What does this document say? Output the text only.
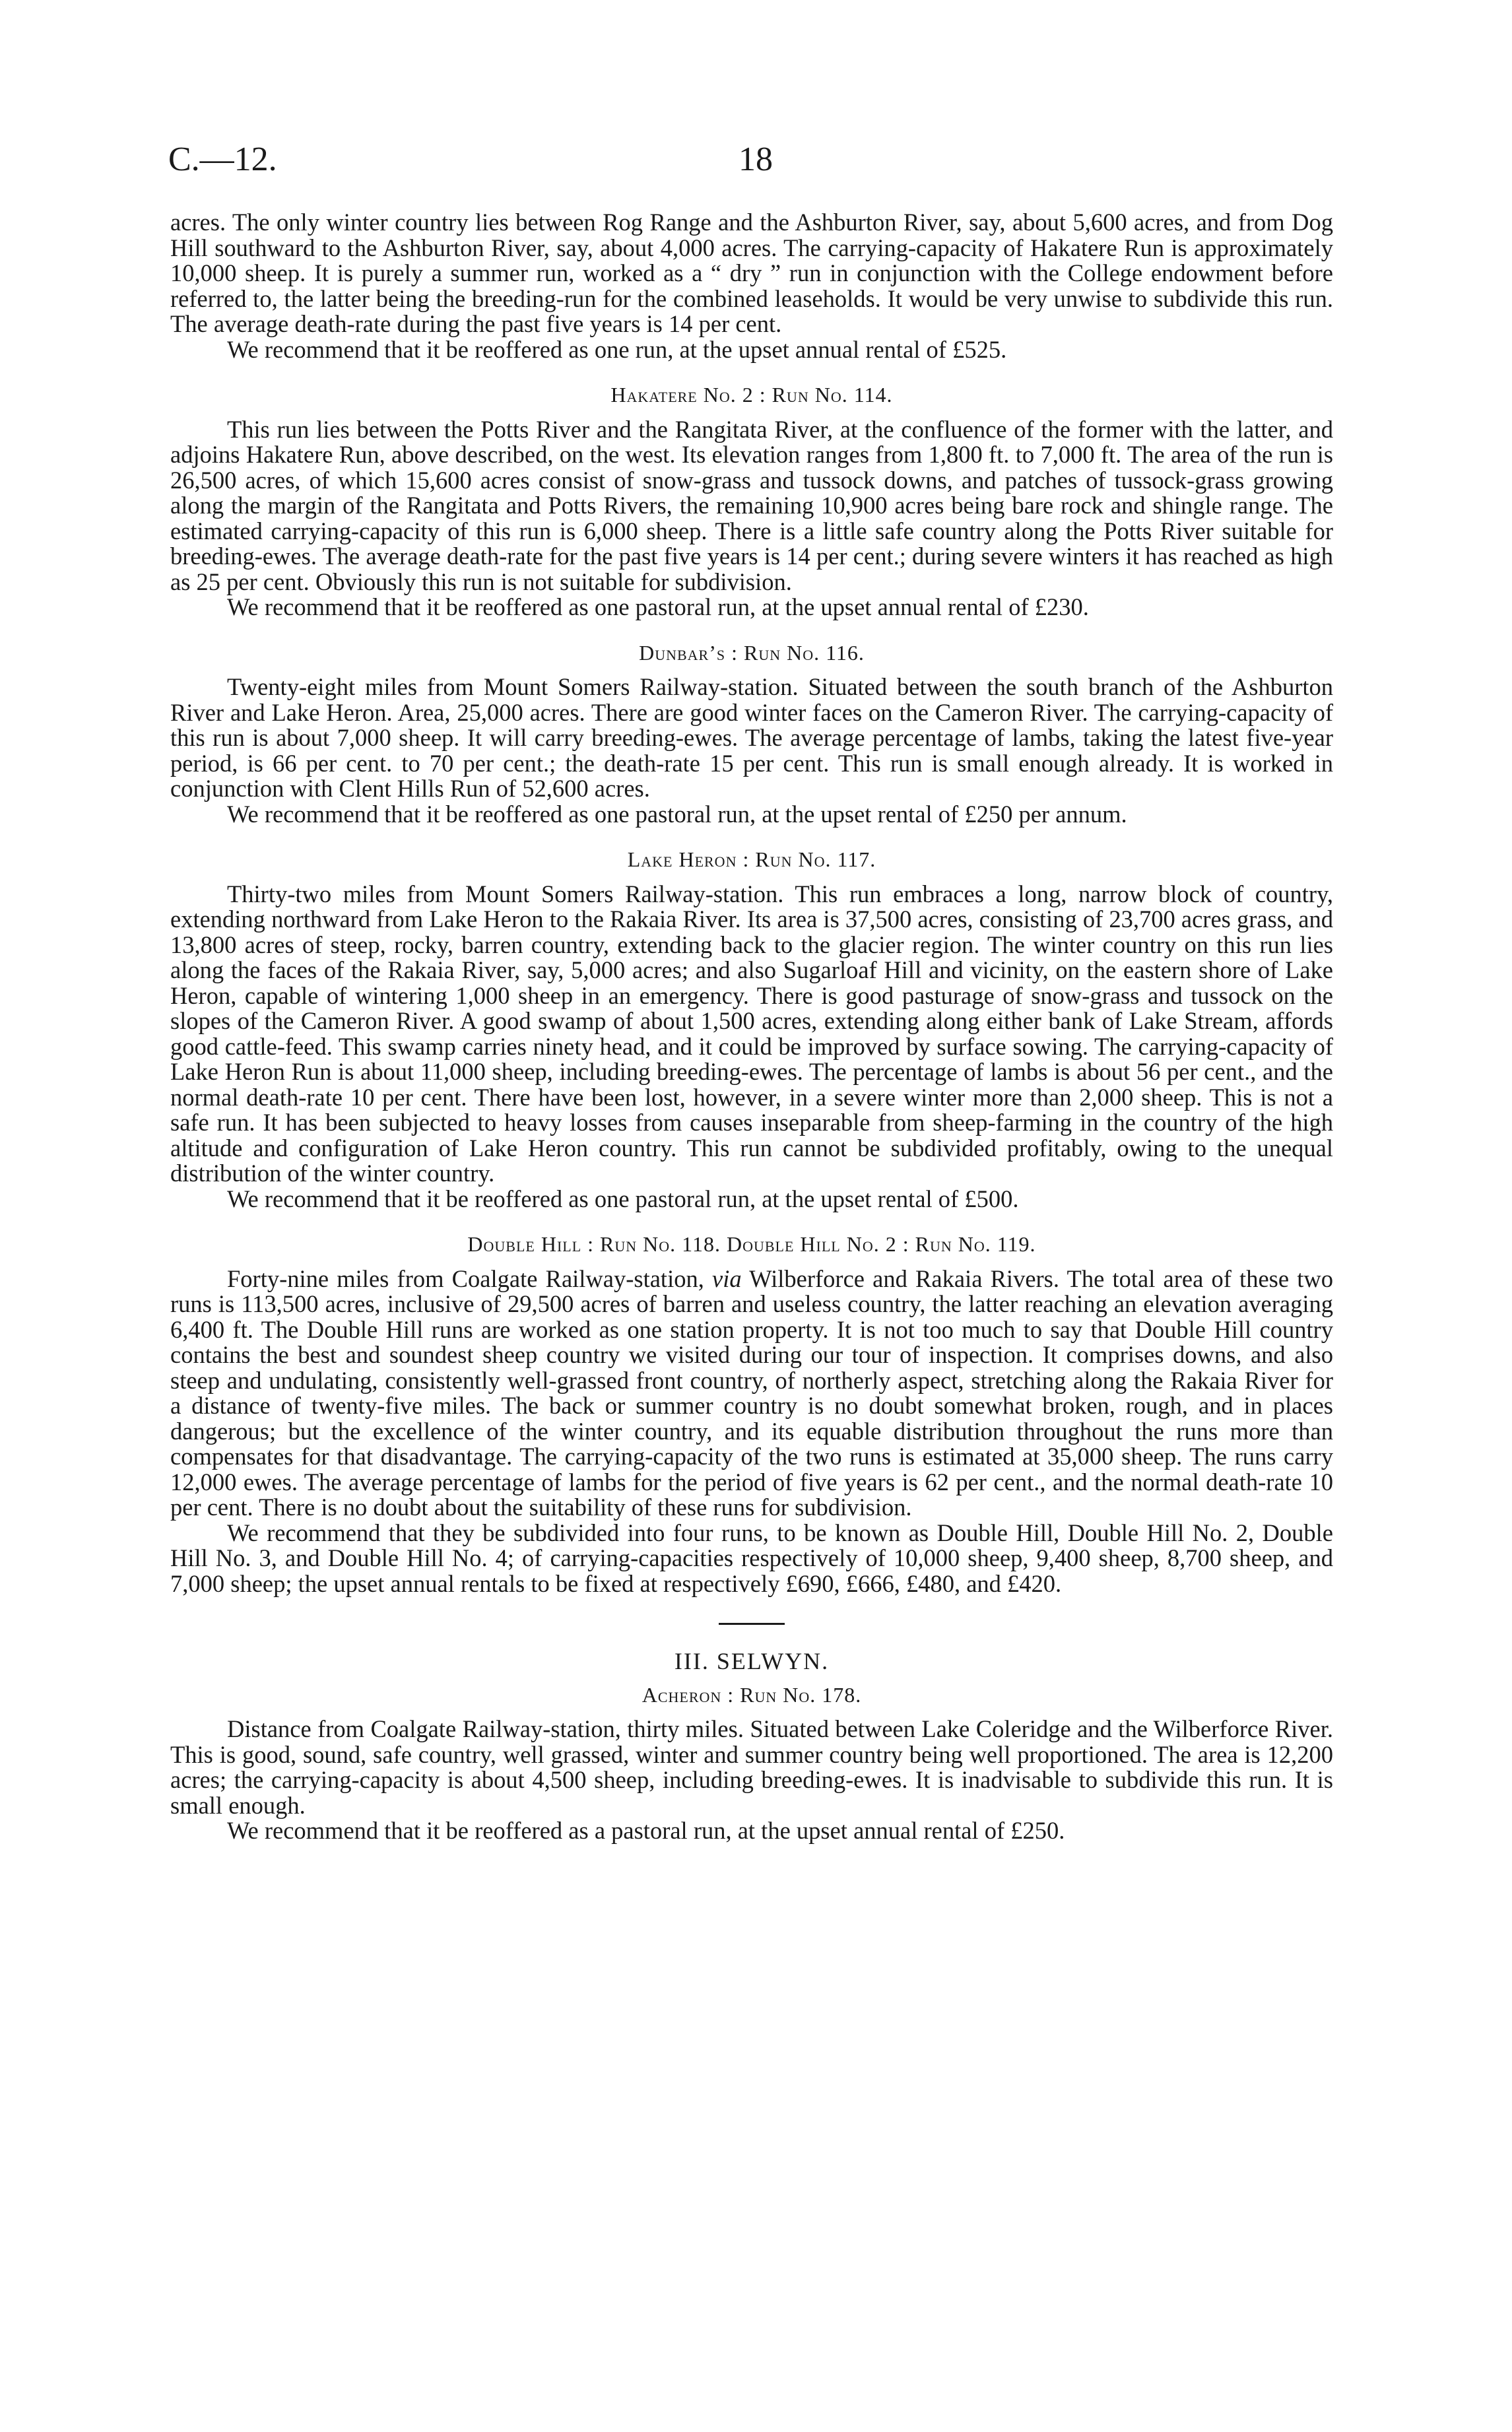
C.—12.	18

acres. The only winter country lies between Rog Range and the Ashburton River, say, about 5,600 acres, and from Dog Hill southward to the Ashburton River, say, about 4,000 acres. The carrying-capacity of Hakatere Run is approximately 10,000 sheep. It is purely a summer run, worked as a “ dry ” run in conjunction with the College endowment before referred to, the latter being the breeding-run for the combined leaseholds. It would be very unwise to subdivide this run. The average death-rate during the past five years is 14 per cent.

We recommend that it be reoffered as one run, at the upset annual rental of £525.

Hakatere No. 2 : Run No. 114.

This run lies between the Potts River and the Rangitata River, at the confluence of the former with the latter, and adjoins Hakatere Run, above described, on the west. Its elevation ranges from 1,800 ft. to 7,000 ft. The area of the run is 26,500 acres, of which 15,600 acres consist of snow-grass and tussock downs, and patches of tussock-grass growing along the margin of the Rangitata and Potts Rivers, the remaining 10,900 acres being bare rock and shingle range. The estimated carrying-capacity of this run is 6,000 sheep. There is a little safe country along the Potts River suitable for breeding-ewes. The average death-rate for the past five years is 14 per cent.; during severe winters it has reached as high as 25 per cent. Obviously this run is not suitable for subdivision.

We recommend that it be reoffered as one pastoral run, at the upset annual rental of £230.

Dunbar’s : Run No. 116.

Twenty-eight miles from Mount Somers Railway-station. Situated between the south branch of the Ashburton River and Lake Heron. Area, 25,000 acres. There are good winter faces on the Cameron River. The carrying-capacity of this run is about 7,000 sheep. It will carry breeding-ewes. The average percentage of lambs, taking the latest five-year period, is 66 per cent. to 70 per cent.; the death-rate 15 per cent. This run is small enough already. It is worked in conjunction with Clent Hills Run of 52,600 acres.

We recommend that it be reoffered as one pastoral run, at the upset rental of £250 per annum.

Lake Heron : Run No. 117.

Thirty-two miles from Mount Somers Railway-station. This run embraces a long, narrow block of country, extending northward from Lake Heron to the Rakaia River. Its area is 37,500 acres, consisting of 23,700 acres grass, and 13,800 acres of steep, rocky, barren country, extending back to the glacier region. The winter country on this run lies along the faces of the Rakaia River, say, 5,000 acres; and also Sugarloaf Hill and vicinity, on the eastern shore of Lake Heron, capable of wintering 1,000 sheep in an emergency. There is good pasturage of snow-grass and tussock on the slopes of the Cameron River. A good swamp of about 1,500 acres, extending along either bank of Lake Stream, affords good cattle-feed. This swamp carries ninety head, and it could be improved by surface sowing. The carrying-capacity of Lake Heron Run is about 11,000 sheep, including breeding-ewes. The percentage of lambs is about 56 per cent., and the normal death-rate 10 per cent. There have been lost, however, in a severe winter more than 2,000 sheep. This is not a safe run. It has been subjected to heavy losses from causes inseparable from sheep-farming in the country of the high altitude and configuration of Lake Heron country. This run cannot be subdivided profitably, owing to the unequal distribution of the winter country.

We recommend that it be reoffered as one pastoral run, at the upset rental of £500.

Double Hill : Run No. 118. Double Hill No. 2 : Run No. 119.

Forty-nine miles from Coalgate Railway-station, via Wilberforce and Rakaia Rivers. The total area of these two runs is 113,500 acres, inclusive of 29,500 acres of barren and useless country, the latter reaching an elevation averaging 6,400 ft. The Double Hill runs are worked as one station property. It is not too much to say that Double Hill country contains the best and soundest sheep country we visited during our tour of inspection. It comprises downs, and also steep and undulating, consistently well-grassed front country, of northerly aspect, stretching along the Rakaia River for a distance of twenty-five miles. The back or summer country is no doubt somewhat broken, rough, and in places dangerous; but the excellence of the winter country, and its equable distribution throughout the runs more than compensates for that disadvantage. The carrying-capacity of the two runs is estimated at 35,000 sheep. The runs carry 12,000 ewes. The average percentage of lambs for the period of five years is 62 per cent., and the normal death-rate 10 per cent. There is no doubt about the suitability of these runs for subdivision.

We recommend that they be subdivided into four runs, to be known as Double Hill, Double Hill No. 2, Double Hill No. 3, and Double Hill No. 4; of carrying-capacities respectively of 10,000 sheep, 9,400 sheep, 8,700 sheep, and 7,000 sheep; the upset annual rentals to be fixed at respectively £690, £666, £480, and £420.

III. SELWYN.
Acheron : Run No. 178.

Distance from Coalgate Railway-station, thirty miles. Situated between Lake Coleridge and the Wilberforce River. This is good, sound, safe country, well grassed, winter and summer country being well proportioned. The area is 12,200 acres; the carrying-capacity is about 4,500 sheep, including breeding-ewes. It is inadvisable to subdivide this run. It is small enough.

We recommend that it be reoffered as a pastoral run, at the upset annual rental of £250.
